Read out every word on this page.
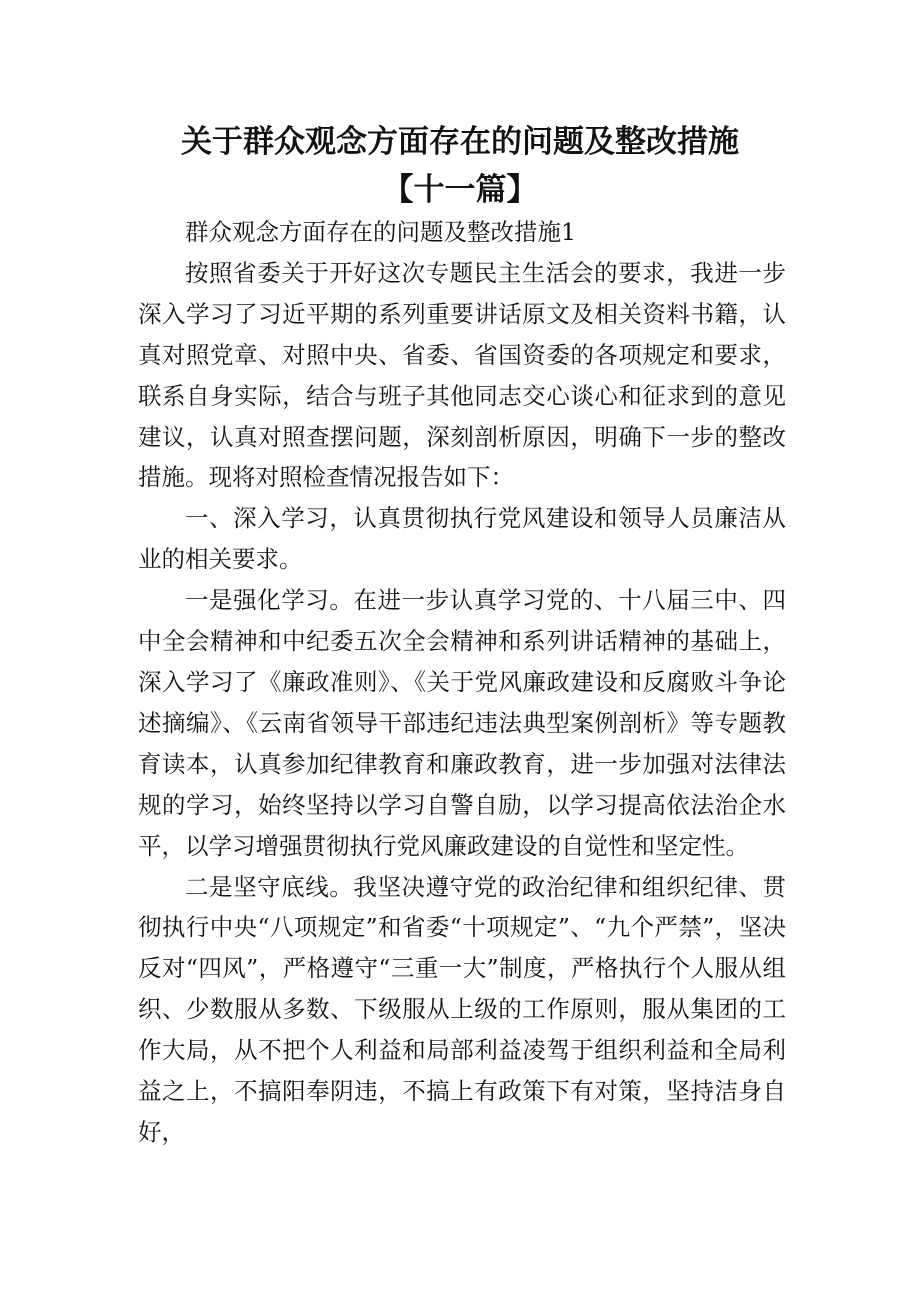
关于群众观念方面存在的问题及整改措施
【十一篇】

群众观念方面存在的问题及整改措施1

按照省委关于开好这次专题民主生活会的要求，我进一步深入学习了习近平期的系列重要讲话原文及相关资料书籍，认真对照党章、对照中央、省委、省国资委的各项规定和要求，联系自身实际，结合与班子其他同志交心谈心和征求到的意见建议，认真对照查摆问题，深刻剖析原因，明确下一步的整改措施。现将对照检查情况报告如下：

一、深入学习，认真贯彻执行党风建设和领导人员廉洁从业的相关要求。

一是强化学习。在进一步认真学习党的、十八届三中、四中全会精神和中纪委五次全会精神和系列讲话精神的基础上，深入学习了《廉政准则》、《关于党风廉政建设和反腐败斗争论述摘编》、《云南省领导干部违纪违法典型案例剖析》等专题教育读本，认真参加纪律教育和廉政教育，进一步加强对法律法规的学习，始终坚持以学习自警自励，以学习提高依法治企水平，以学习增强贯彻执行党风廉政建设的自觉性和坚定性。

二是坚守底线。我坚决遵守党的政治纪律和组织纪律、贯彻执行中央“八项规定”和省委“十项规定”、“九个严禁”，坚决反对“四风”，严格遵守“三重一大”制度，严格执行个人服从组织、少数服从多数、下级服从上级的工作原则，服从集团的工作大局，从不把个人利益和局部利益凌驾于组织利益和全局利益之上，不搞阳奉阴违，不搞上有政策下有对策，坚持洁身自好，
